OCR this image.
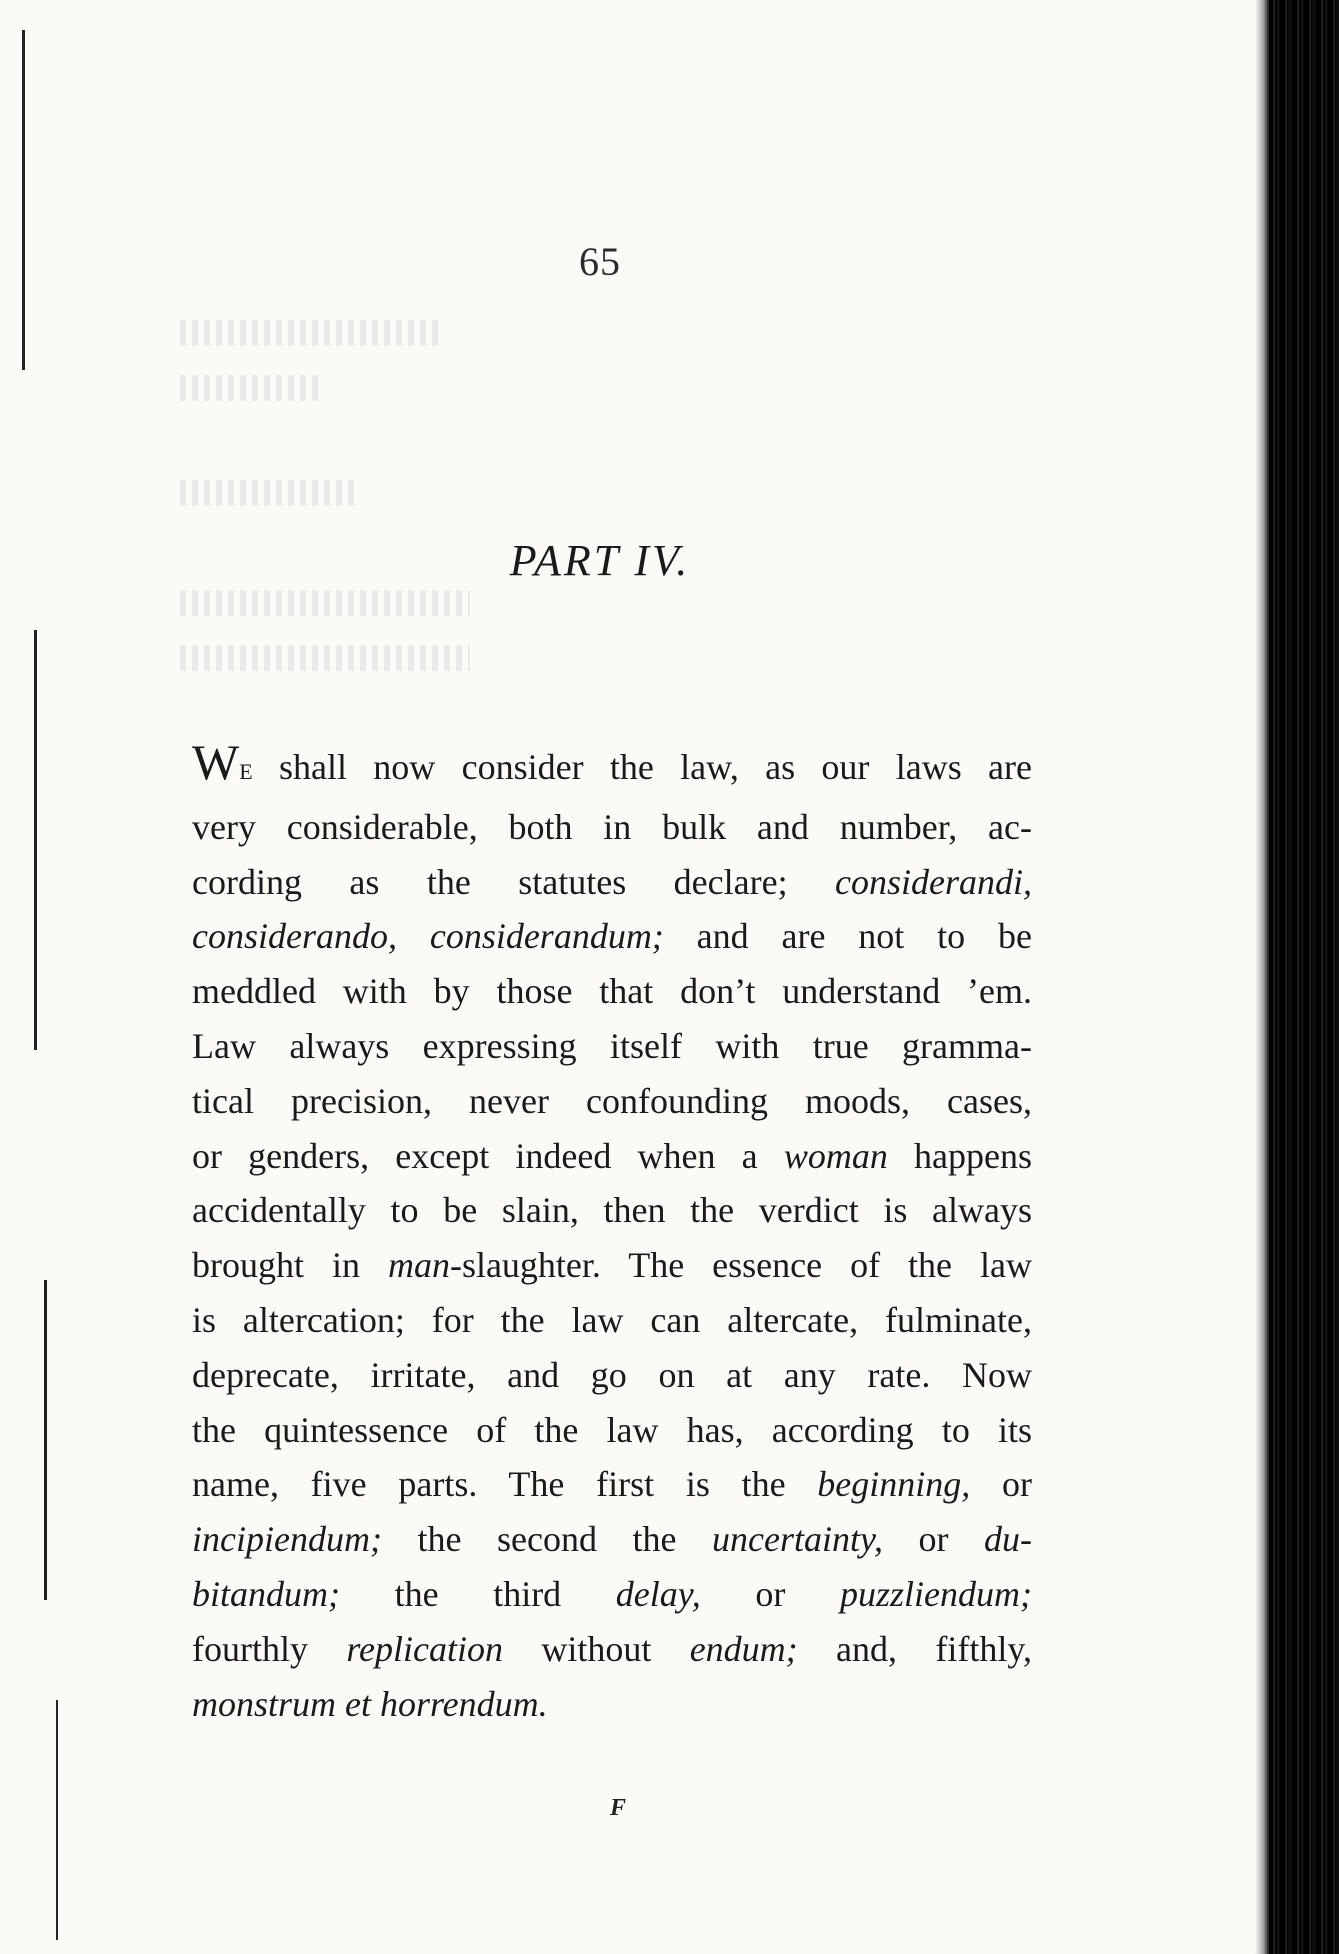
65
PART IV.
WE shall now consider the law, as our laws are
very considerable, both in bulk and number, ac-
cording as the statutes declare; considerandi,
considerando, considerandum; and are not to be
meddled with by those that don’t understand ’em.
Law always expressing itself with true gramma-
tical precision, never confounding moods, cases,
or genders, except indeed when a woman happens
accidentally to be slain, then the verdict is always
brought in man-slaughter. The essence of the law
is altercation; for the law can altercate, fulminate,
deprecate, irritate, and go on at any rate. Now
the quintessence of the law has, according to its
name, five parts. The first is the beginning, or
incipiendum; the second the uncertainty, or du-
bitandum; the third delay, or puzzliendum;
fourthly replication without endum; and, fifthly,
monstrum et horrendum.
F
